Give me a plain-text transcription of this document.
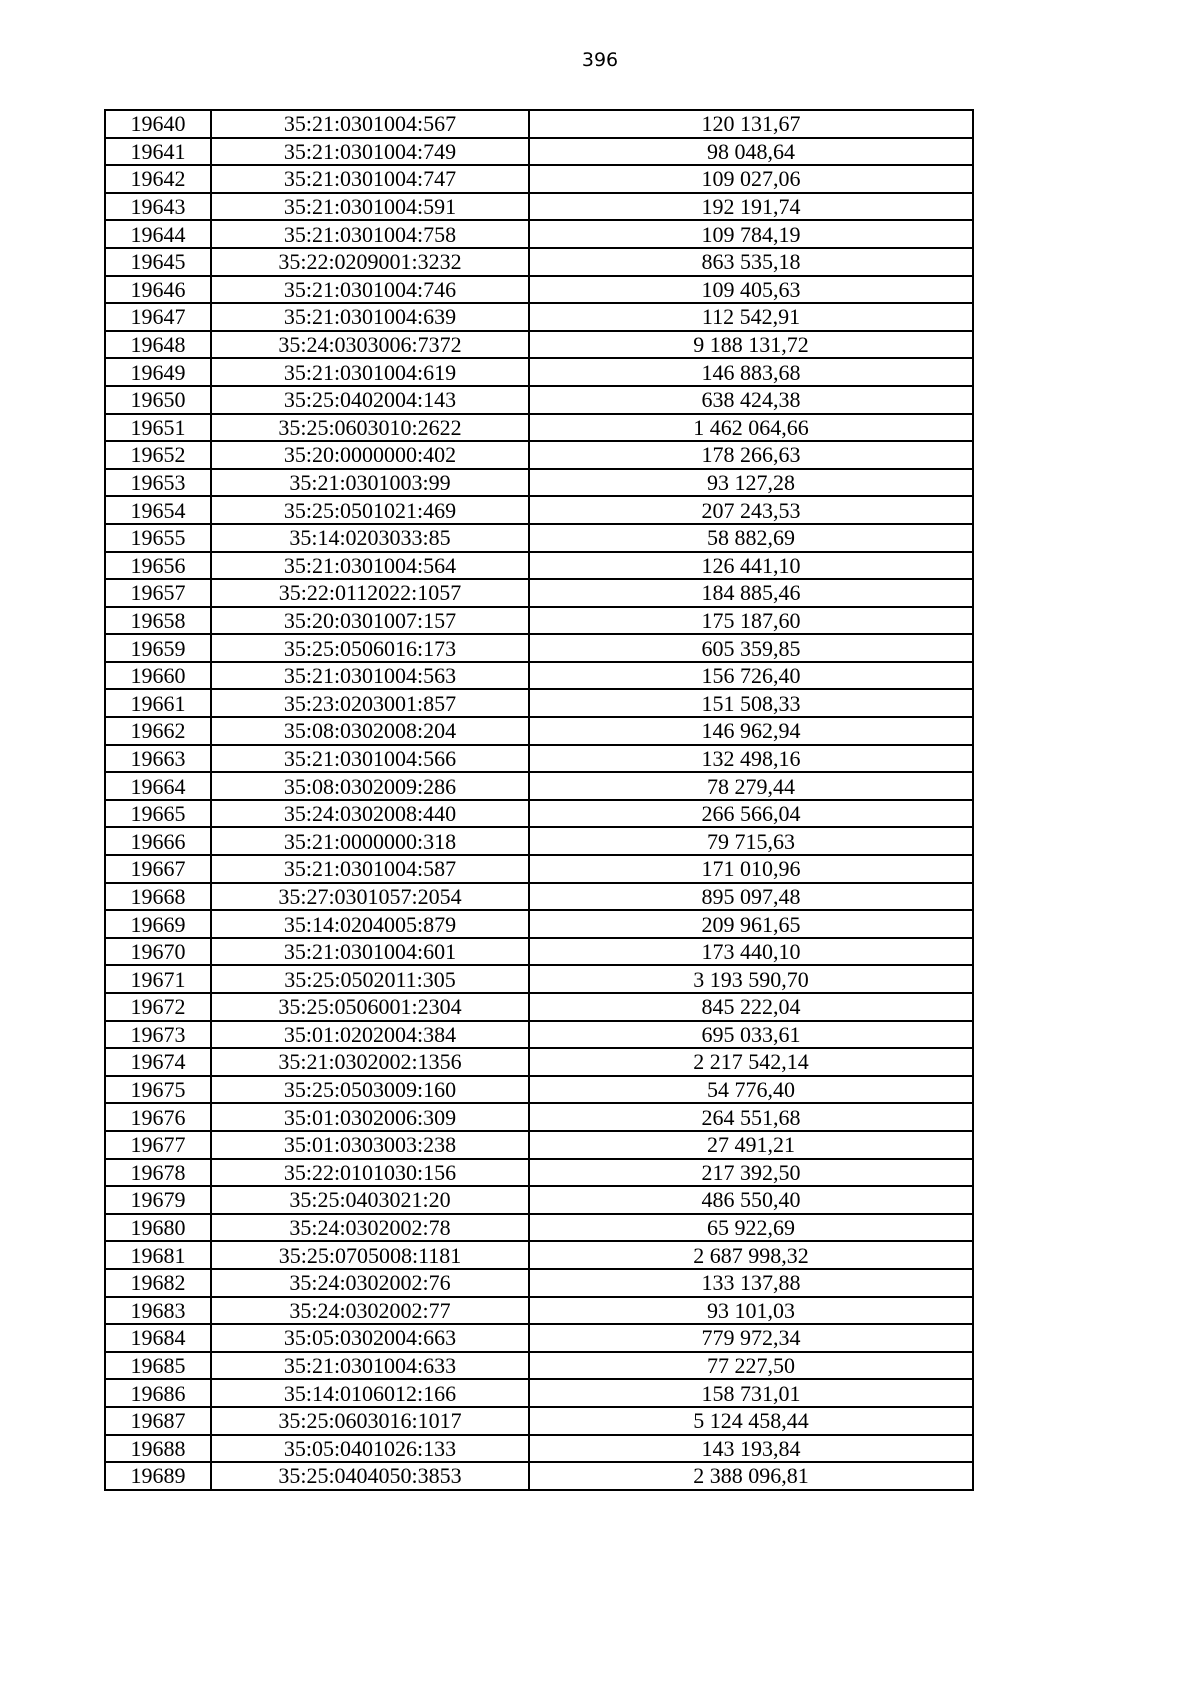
396
19640	35:21:0301004:567	120 131,67
19641	35:21:0301004:749	98 048,64
19642	35:21:0301004:747	109 027,06
19643	35:21:0301004:591	192 191,74
19644	35:21:0301004:758	109 784,19
19645	35:22:0209001:3232	863 535,18
19646	35:21:0301004:746	109 405,63
19647	35:21:0301004:639	112 542,91
19648	35:24:0303006:7372	9 188 131,72
19649	35:21:0301004:619	146 883,68
19650	35:25:0402004:143	638 424,38
19651	35:25:0603010:2622	1 462 064,66
19652	35:20:0000000:402	178 266,63
19653	35:21:0301003:99	93 127,28
19654	35:25:0501021:469	207 243,53
19655	35:14:0203033:85	58 882,69
19656	35:21:0301004:564	126 441,10
19657	35:22:0112022:1057	184 885,46
19658	35:20:0301007:157	175 187,60
19659	35:25:0506016:173	605 359,85
19660	35:21:0301004:563	156 726,40
19661	35:23:0203001:857	151 508,33
19662	35:08:0302008:204	146 962,94
19663	35:21:0301004:566	132 498,16
19664	35:08:0302009:286	78 279,44
19665	35:24:0302008:440	266 566,04
19666	35:21:0000000:318	79 715,63
19667	35:21:0301004:587	171 010,96
19668	35:27:0301057:2054	895 097,48
19669	35:14:0204005:879	209 961,65
19670	35:21:0301004:601	173 440,10
19671	35:25:0502011:305	3 193 590,70
19672	35:25:0506001:2304	845 222,04
19673	35:01:0202004:384	695 033,61
19674	35:21:0302002:1356	2 217 542,14
19675	35:25:0503009:160	54 776,40
19676	35:01:0302006:309	264 551,68
19677	35:01:0303003:238	27 491,21
19678	35:22:0101030:156	217 392,50
19679	35:25:0403021:20	486 550,40
19680	35:24:0302002:78	65 922,69
19681	35:25:0705008:1181	2 687 998,32
19682	35:24:0302002:76	133 137,88
19683	35:24:0302002:77	93 101,03
19684	35:05:0302004:663	779 972,34
19685	35:21:0301004:633	77 227,50
19686	35:14:0106012:166	158 731,01
19687	35:25:0603016:1017	5 124 458,44
19688	35:05:0401026:133	143 193,84
19689	35:25:0404050:3853	2 388 096,81
